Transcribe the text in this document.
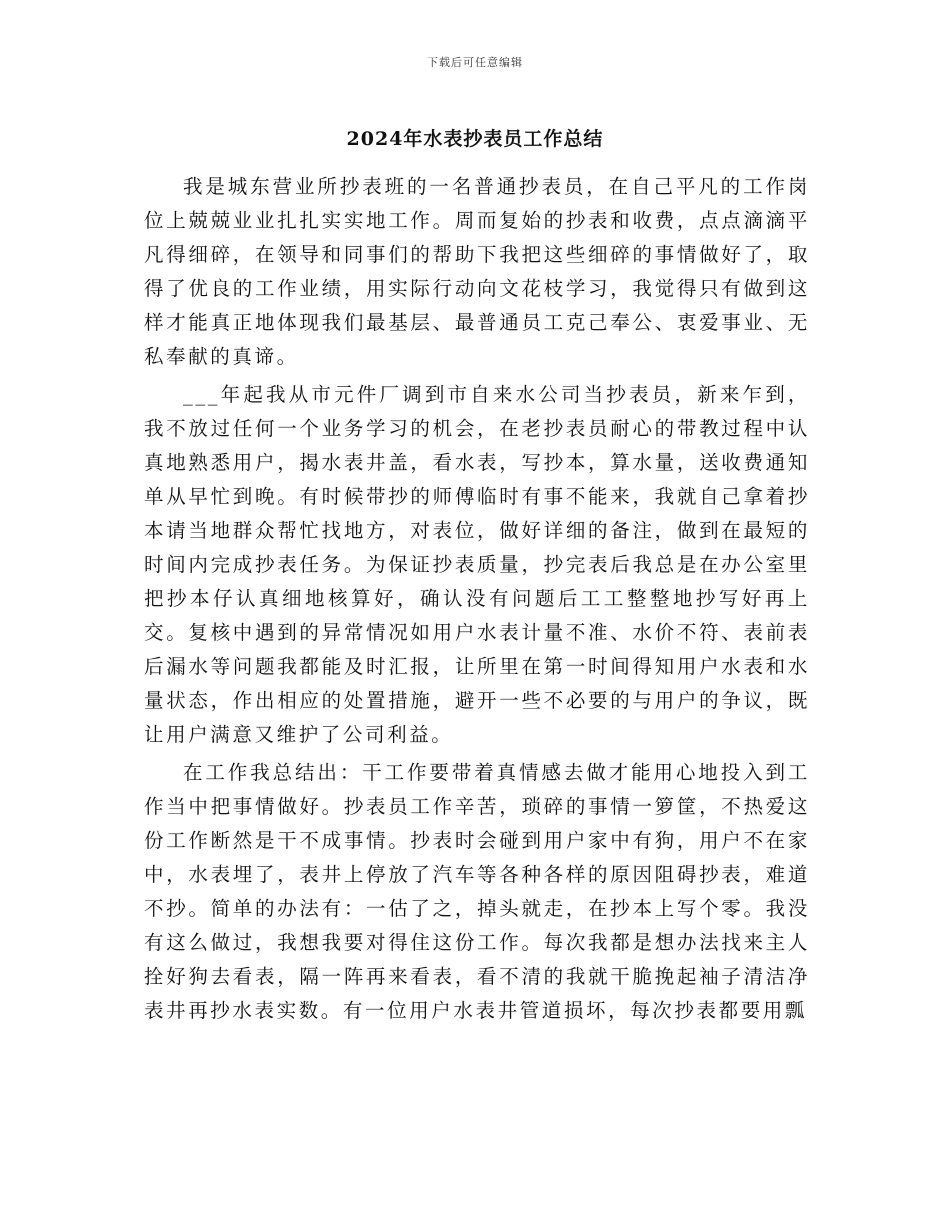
下载后可任意编辑
2024年水表抄表员工作总结

我是城东营业所抄表班的一名普通抄表员，在自己平凡的工作岗位上兢兢业业扎扎实实地工作。周而复始的抄表和收费，点点滴滴平凡得细碎，在领导和同事们的帮助下我把这些细碎的事情做好了，取得了优良的工作业绩，用实际行动向文花枝学习，我觉得只有做到这样才能真正地体现我们最基层、最普通员工克己奉公、衷爱事业、无私奉献的真谛。

___年起我从市元件厂调到市自来水公司当抄表员，新来乍到，我不放过任何一个业务学习的机会，在老抄表员耐心的带教过程中认真地熟悉用户，揭水表井盖，看水表，写抄本，算水量，送收费通知单从早忙到晚。有时候带抄的师傅临时有事不能来，我就自己拿着抄本请当地群众帮忙找地方，对表位，做好详细的备注，做到在最短的时间内完成抄表任务。为保证抄表质量，抄完表后我总是在办公室里把抄本仔认真细地核算好，确认没有问题后工工整整地抄写好再上交。复核中遇到的异常情况如用户水表计量不准、水价不符、表前表后漏水等问题我都能及时汇报，让所里在第一时间得知用户水表和水量状态，作出相应的处置措施，避开一些不必要的与用户的争议，既让用户满意又维护了公司利益。

在工作我总结出：干工作要带着真情感去做才能用心地投入到工作当中把事情做好。抄表员工作辛苦，琐碎的事情一箩筐，不热爱这份工作断然是干不成事情。抄表时会碰到用户家中有狗，用户不在家中，水表埋了，表井上停放了汽车等各种各样的原因阻碍抄表，难道不抄。简单的办法有：一估了之，掉头就走，在抄本上写个零。我没有这么做过，我想我要对得住这份工作。每次我都是想办法找来主人拴好狗去看表，隔一阵再来看表，看不清的我就干脆挽起袖子清洁净表井再抄水表实数。有一位用户水表井管道损坏，每次抄表都要用瓢
